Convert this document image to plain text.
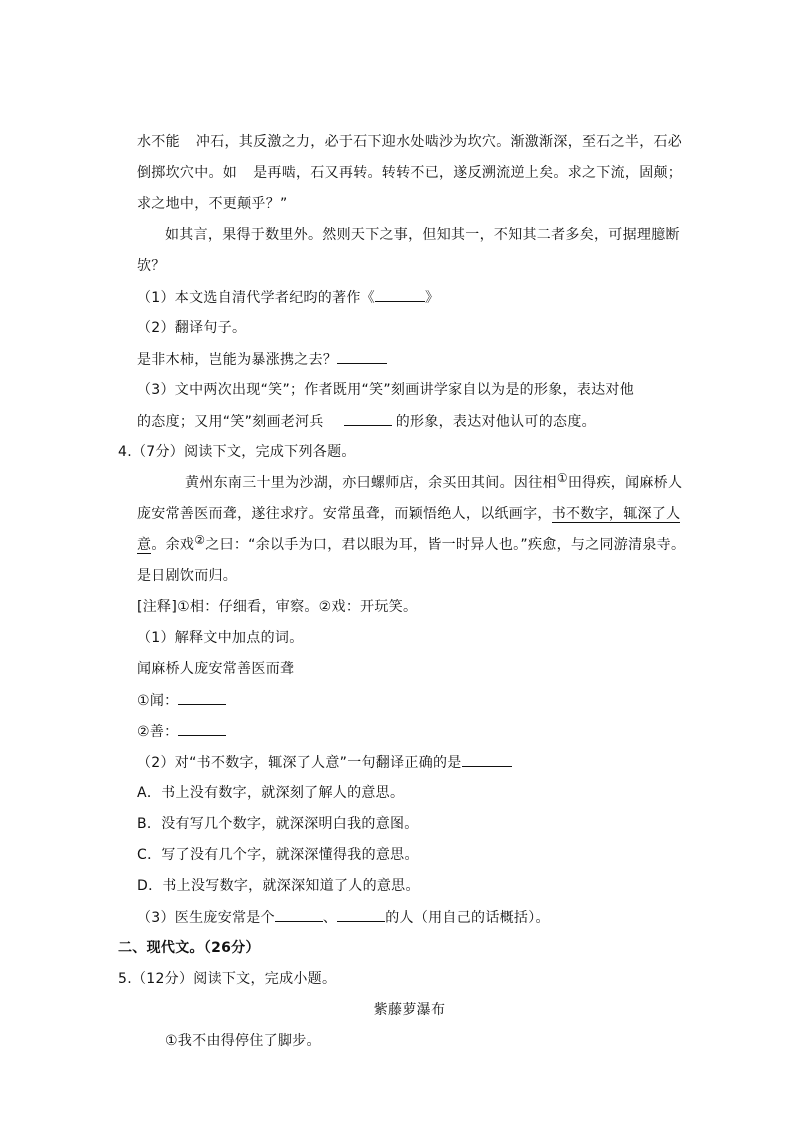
水不能 冲石，其反激之力，必于石下迎水处啮沙为坎穴。渐激渐深，至石之半，石必
倒掷坎穴中。如 是再啮，石又再转。转转不已，遂反溯流逆上矣。求之下流，固颠；
求之地中，不更颠乎？”
如其言，果得于数里外。然则天下之事，但知其一，不知其二者多矣，可据理臆断
欤？
（1）本文选自清代学者纪昀的著作《	》
（2）翻译句子。
是非木柿，岂能为暴涨携之去？
（3）文中两次出现“笑”；作者既用“笑”刻画讲学家自以为是的形象，表达对他
的态度；又用“笑”刻画老河兵	的形象，表达对他认可的态度。
4.（7分）阅读下文，完成下列各题。
黄州东南三十里为沙湖，亦曰螺师店，余买田其间。因往相①田得疾，闻麻桥人
庞安常善医而聋，遂往求疗。安常虽聋，而颖悟绝人，以纸画字，书不数字，辄深了人
意。余戏②之曰：“余以手为口，君以眼为耳，皆一时异人也。”疾愈，与之同游清泉寺。
是日剧饮而归。
[注释]①相：仔细看，审察。②戏：开玩笑。
（1）解释文中加点的词。
闻麻桥人庞安常善医而聋
①闻：
②善：
（2）对“书不数字，辄深了人意”一句翻译正确的是
A．书上没有数字，就深刻了解人的意思。
B．没有写几个数字，就深深明白我的意图。
C．写了没有几个字，就深深懂得我的意思。
D．书上没写数字，就深深知道了人的意思。
（3）医生庞安常是个	、	的人（用自己的话概括）。
二、现代文。（26分）
5.（12分）阅读下文，完成小题。
紫藤萝瀑布
①我不由得停住了脚步。
